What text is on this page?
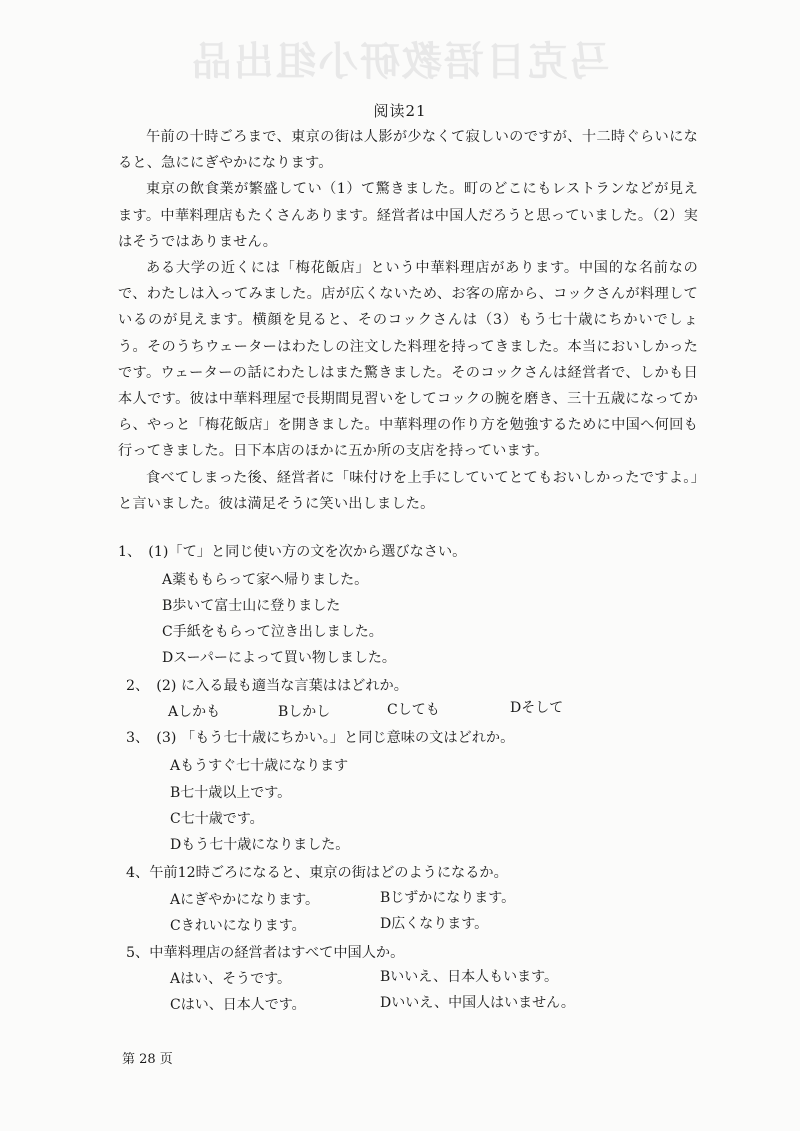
马克日语教研小组出品
阅读21

午前の十時ごろまで、東京の街は人影が少なくて寂しいのですが、十二時ぐらいになると、急ににぎやかになります。

東京の飲食業が繁盛してい（1）て驚きました。町のどこにもレストランなどが見えます。中華料理店もたくさんあります。経営者は中国人だろうと思っていました。（2）実はそうではありません。

ある大学の近くには「梅花飯店」という中華料理店があります。中国的な名前なので、わたしは入ってみました。店が広くないため、お客の席から、コックさんが料理しているのが見えます。横顔を見ると、そのコックさんは（3）もう七十歳にちかいでしょう。そのうちウェーターはわたしの注文した料理を持ってきました。本当においしかったです。ウェーターの話にわたしはまた驚きました。そのコックさんは経営者で、しかも日本人です。彼は中華料理屋で長期間見習いをしてコックの腕を磨き、三十五歳になってから、やっと「梅花飯店」を開きました。中華料理の作り方を勉強するために中国へ何回も行ってきました。日下本店のほかに五か所の支店を持っています。

食べてしまった後、経営者に「味付けを上手にしていてとてもおいしかったですよ。」と言いました。彼は満足そうに笑い出しました。

1、　(1)「て」と同じ使い方の文を次から選びなさい。
A薬ももらって家へ帰りました。
B歩いて富士山に登りました
C手紙をもらって泣き出しました。
Dスーパーによって買い物しました。
2、　(2) に入る最も適当な言葉ははどれか。
Aしかも	Bしかし	Cしても	Dそして
3、　(3) 「もう七十歳にちかい。」と同じ意味の文はどれか。
Aもうすぐ七十歳になります
B七十歳以上です。
C七十歳です。
Dもう七十歳になりました。
4、午前12時ごろになると、東京の街はどのようになるか。
Aにぎやかになります。	Bじずかになります。
Cきれいになります。	D広くなります。
5、中華料理店の経営者はすべて中国人か。
Aはい、そうです。	Bいいえ、日本人もいます。
Cはい、日本人です。	Dいいえ、中国人はいません。
第 28 页
